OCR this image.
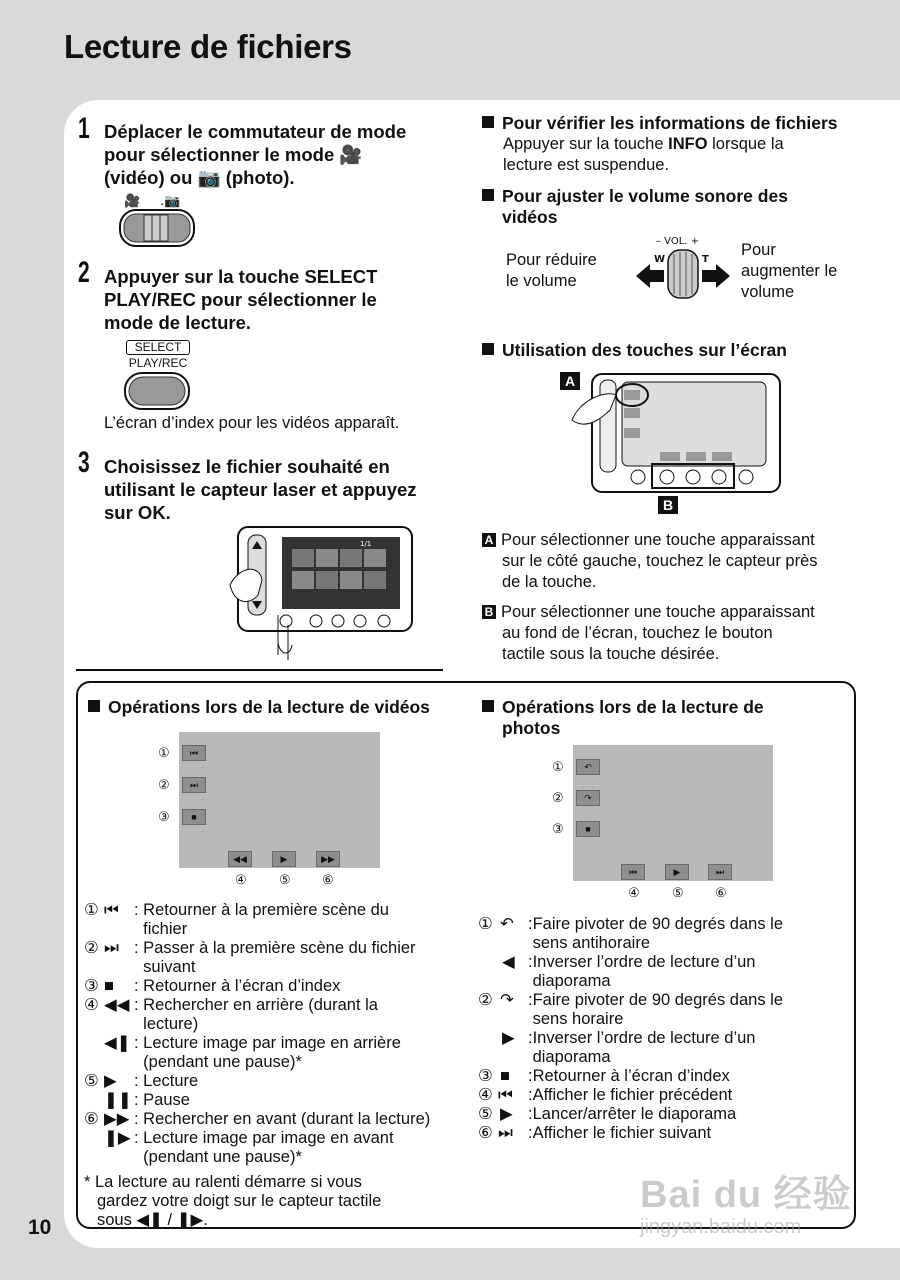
Lecture de fichiers
10
1 Déplacer le commutateur de mode
pour sélectionner le mode 🎥
(vidéo) ou 📷 (photo).
🎥 .📷
2 Appuyer sur la touche SELECT
PLAY/REC pour sélectionner le
mode de lecture.
SELECT
PLAY/REC
L’écran d’index pour les vidéos apparaît.
3 Choisissez le fichier souhaité en
utilisant le capteur laser et appuyez
sur OK.
1/1
Pour vérifier les informations de fichiers
Appuyer sur la touche INFO lorsque la
lecture est suspendue.
Pour ajuster le volume sonore des
vidéos
Pour réduire
le volume
Pour
augmenter le
volume
– VOL. +
W	T
Utilisation des touches sur l’écran
A
B
A Pour sélectionner une touche apparaissant
sur le côté gauche, touchez le capteur près
de la touche.
B Pour sélectionner une touche apparaissant
au fond de l’écran, touchez le bouton
tactile sous la touche désirée.
Opérations lors de la lecture de vidéos
⏮
⏭
■
◀◀	▶	▶▶
①
②
③
④ ⑤ ⑥
① ⏮ : Retourner à la première scène du
fichier
② ⏭ : Passer à la première scène du fichier
suivant
③ ■ : Retourner à l’écran d’index
④ ◀◀ : Rechercher en arrière (durant la
lecture)
◀❚ : Lecture image par image en arrière
(pendant une pause)*
⑤ ▶ : Lecture
❚❚ : Pause
⑥ ▶▶ : Rechercher en avant (durant la lecture)
❚▶ : Lecture image par image en avant
(pendant une pause)*
* La lecture au ralenti démarre si vous
gardez votre doigt sur le capteur tactile
sous ◀❚ / ❚▶.
Opérations lors de la lecture de
photos
↶
↷
■
⏮	▶	⏭
①
②
③
④ ⑤ ⑥
① ↶ :Faire pivoter de 90 degrés dans le
sens antihoraire
◀ :Inverser l’ordre de lecture d’un
diaporama
② ↷ :Faire pivoter de 90 degrés dans le
sens horaire
▶ :Inverser l’ordre de lecture d’un
diaporama
③ ■ :Retourner à l’écran d’index
④ ⏮ :Afficher le fichier précédent
⑤ ▶ :Lancer/arrêter le diaporama
⑥ ⏭ :Afficher le fichier suivant
Bai du 经验
jingyan.baidu.com
